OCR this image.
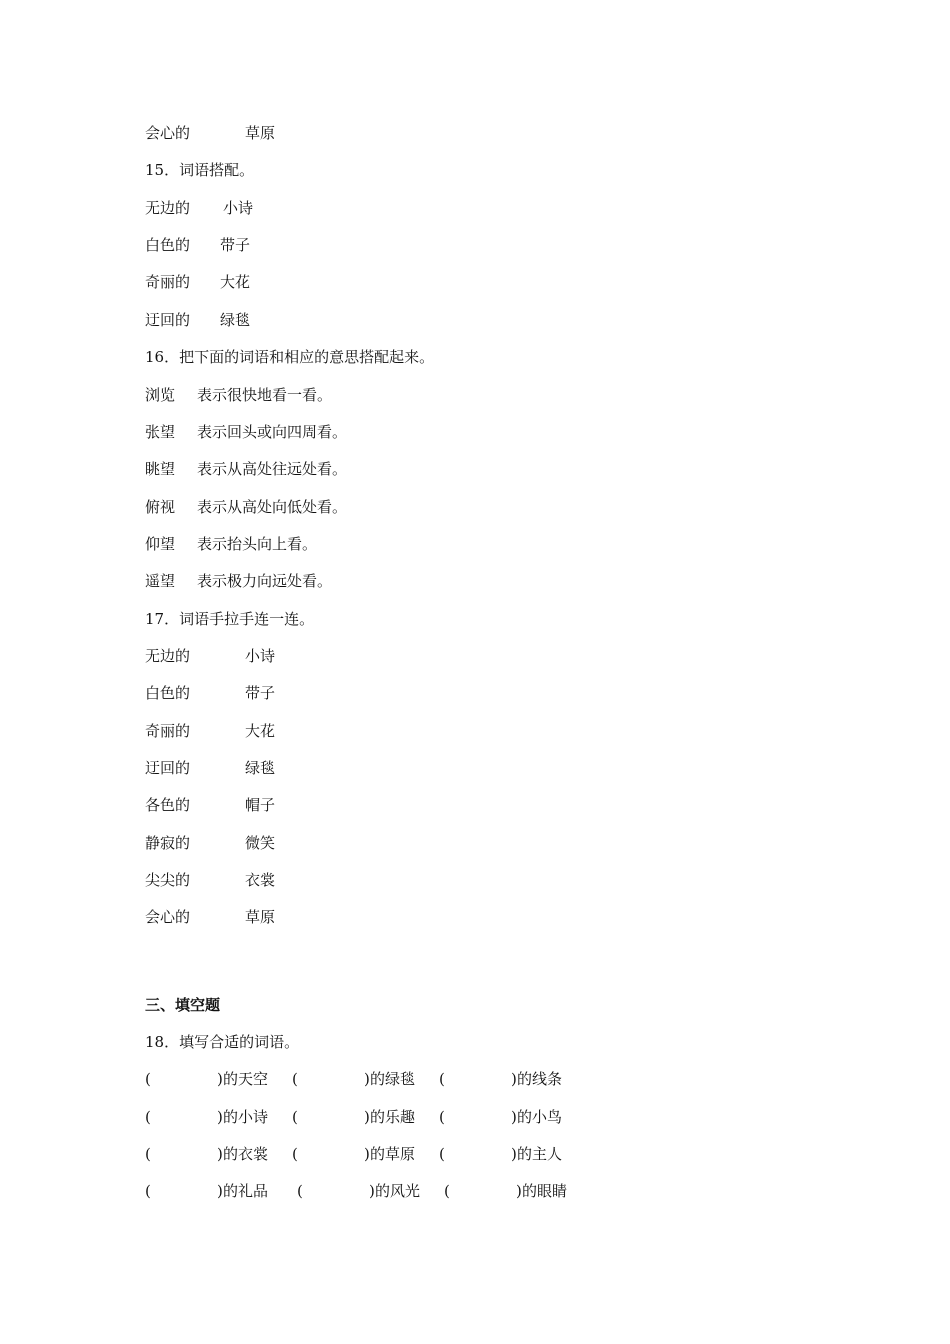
会心的	草原
15．词语搭配。
无边的 小诗
白色的 带子
奇丽的 大花
迂回的 绿毯
16．把下面的词语和相应的意思搭配起来。
浏览 表示很快地看一看。
张望 表示回头或向四周看。
眺望 表示从高处往远处看。
俯视 表示从高处向低处看。
仰望 表示抬头向上看。
遥望 表示极力向远处看。
17．词语手拉手连一连。
无边的	小诗
白色的	带子
奇丽的	大花
迂回的	绿毯
各色的	帽子
静寂的	微笑
尖尖的	衣裳
会心的	草原
三、填空题
18．填写合适的词语。
(	) 的天空 (	) 的绿毯 (	) 的线条
(	) 的小诗 (	) 的乐趣 (	) 的小鸟
(	) 的衣裳 (	) 的草原 (	) 的主人
(	) 的礼品 (	) 的风光 (	) 的眼睛
